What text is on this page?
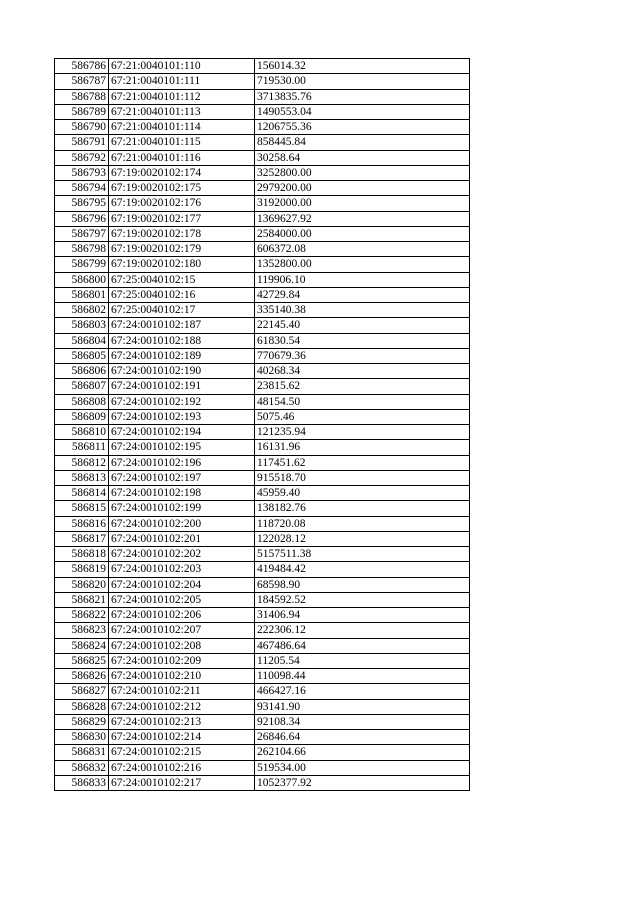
586786	67:21:0040101:110	156014.32
586787	67:21:0040101:111	719530.00
586788	67:21:0040101:112	3713835.76
586789	67:21:0040101:113	1490553.04
586790	67:21:0040101:114	1206755.36
586791	67:21:0040101:115	858445.84
586792	67:21:0040101:116	30258.64
586793	67:19:0020102:174	3252800.00
586794	67:19:0020102:175	2979200.00
586795	67:19:0020102:176	3192000.00
586796	67:19:0020102:177	1369627.92
586797	67:19:0020102:178	2584000.00
586798	67:19:0020102:179	606372.08
586799	67:19:0020102:180	1352800.00
586800	67:25:0040102:15	119906.10
586801	67:25:0040102:16	42729.84
586802	67:25:0040102:17	335140.38
586803	67:24:0010102:187	22145.40
586804	67:24:0010102:188	61830.54
586805	67:24:0010102:189	770679.36
586806	67:24:0010102:190	40268.34
586807	67:24:0010102:191	23815.62
586808	67:24:0010102:192	48154.50
586809	67:24:0010102:193	5075.46
586810	67:24:0010102:194	121235.94
586811	67:24:0010102:195	16131.96
586812	67:24:0010102:196	117451.62
586813	67:24:0010102:197	915518.70
586814	67:24:0010102:198	45959.40
586815	67:24:0010102:199	138182.76
586816	67:24:0010102:200	118720.08
586817	67:24:0010102:201	122028.12
586818	67:24:0010102:202	5157511.38
586819	67:24:0010102:203	419484.42
586820	67:24:0010102:204	68598.90
586821	67:24:0010102:205	184592.52
586822	67:24:0010102:206	31406.94
586823	67:24:0010102:207	222306.12
586824	67:24:0010102:208	467486.64
586825	67:24:0010102:209	11205.54
586826	67:24:0010102:210	110098.44
586827	67:24:0010102:211	466427.16
586828	67:24:0010102:212	93141.90
586829	67:24:0010102:213	92108.34
586830	67:24:0010102:214	26846.64
586831	67:24:0010102:215	262104.66
586832	67:24:0010102:216	519534.00
586833	67:24:0010102:217	1052377.92
